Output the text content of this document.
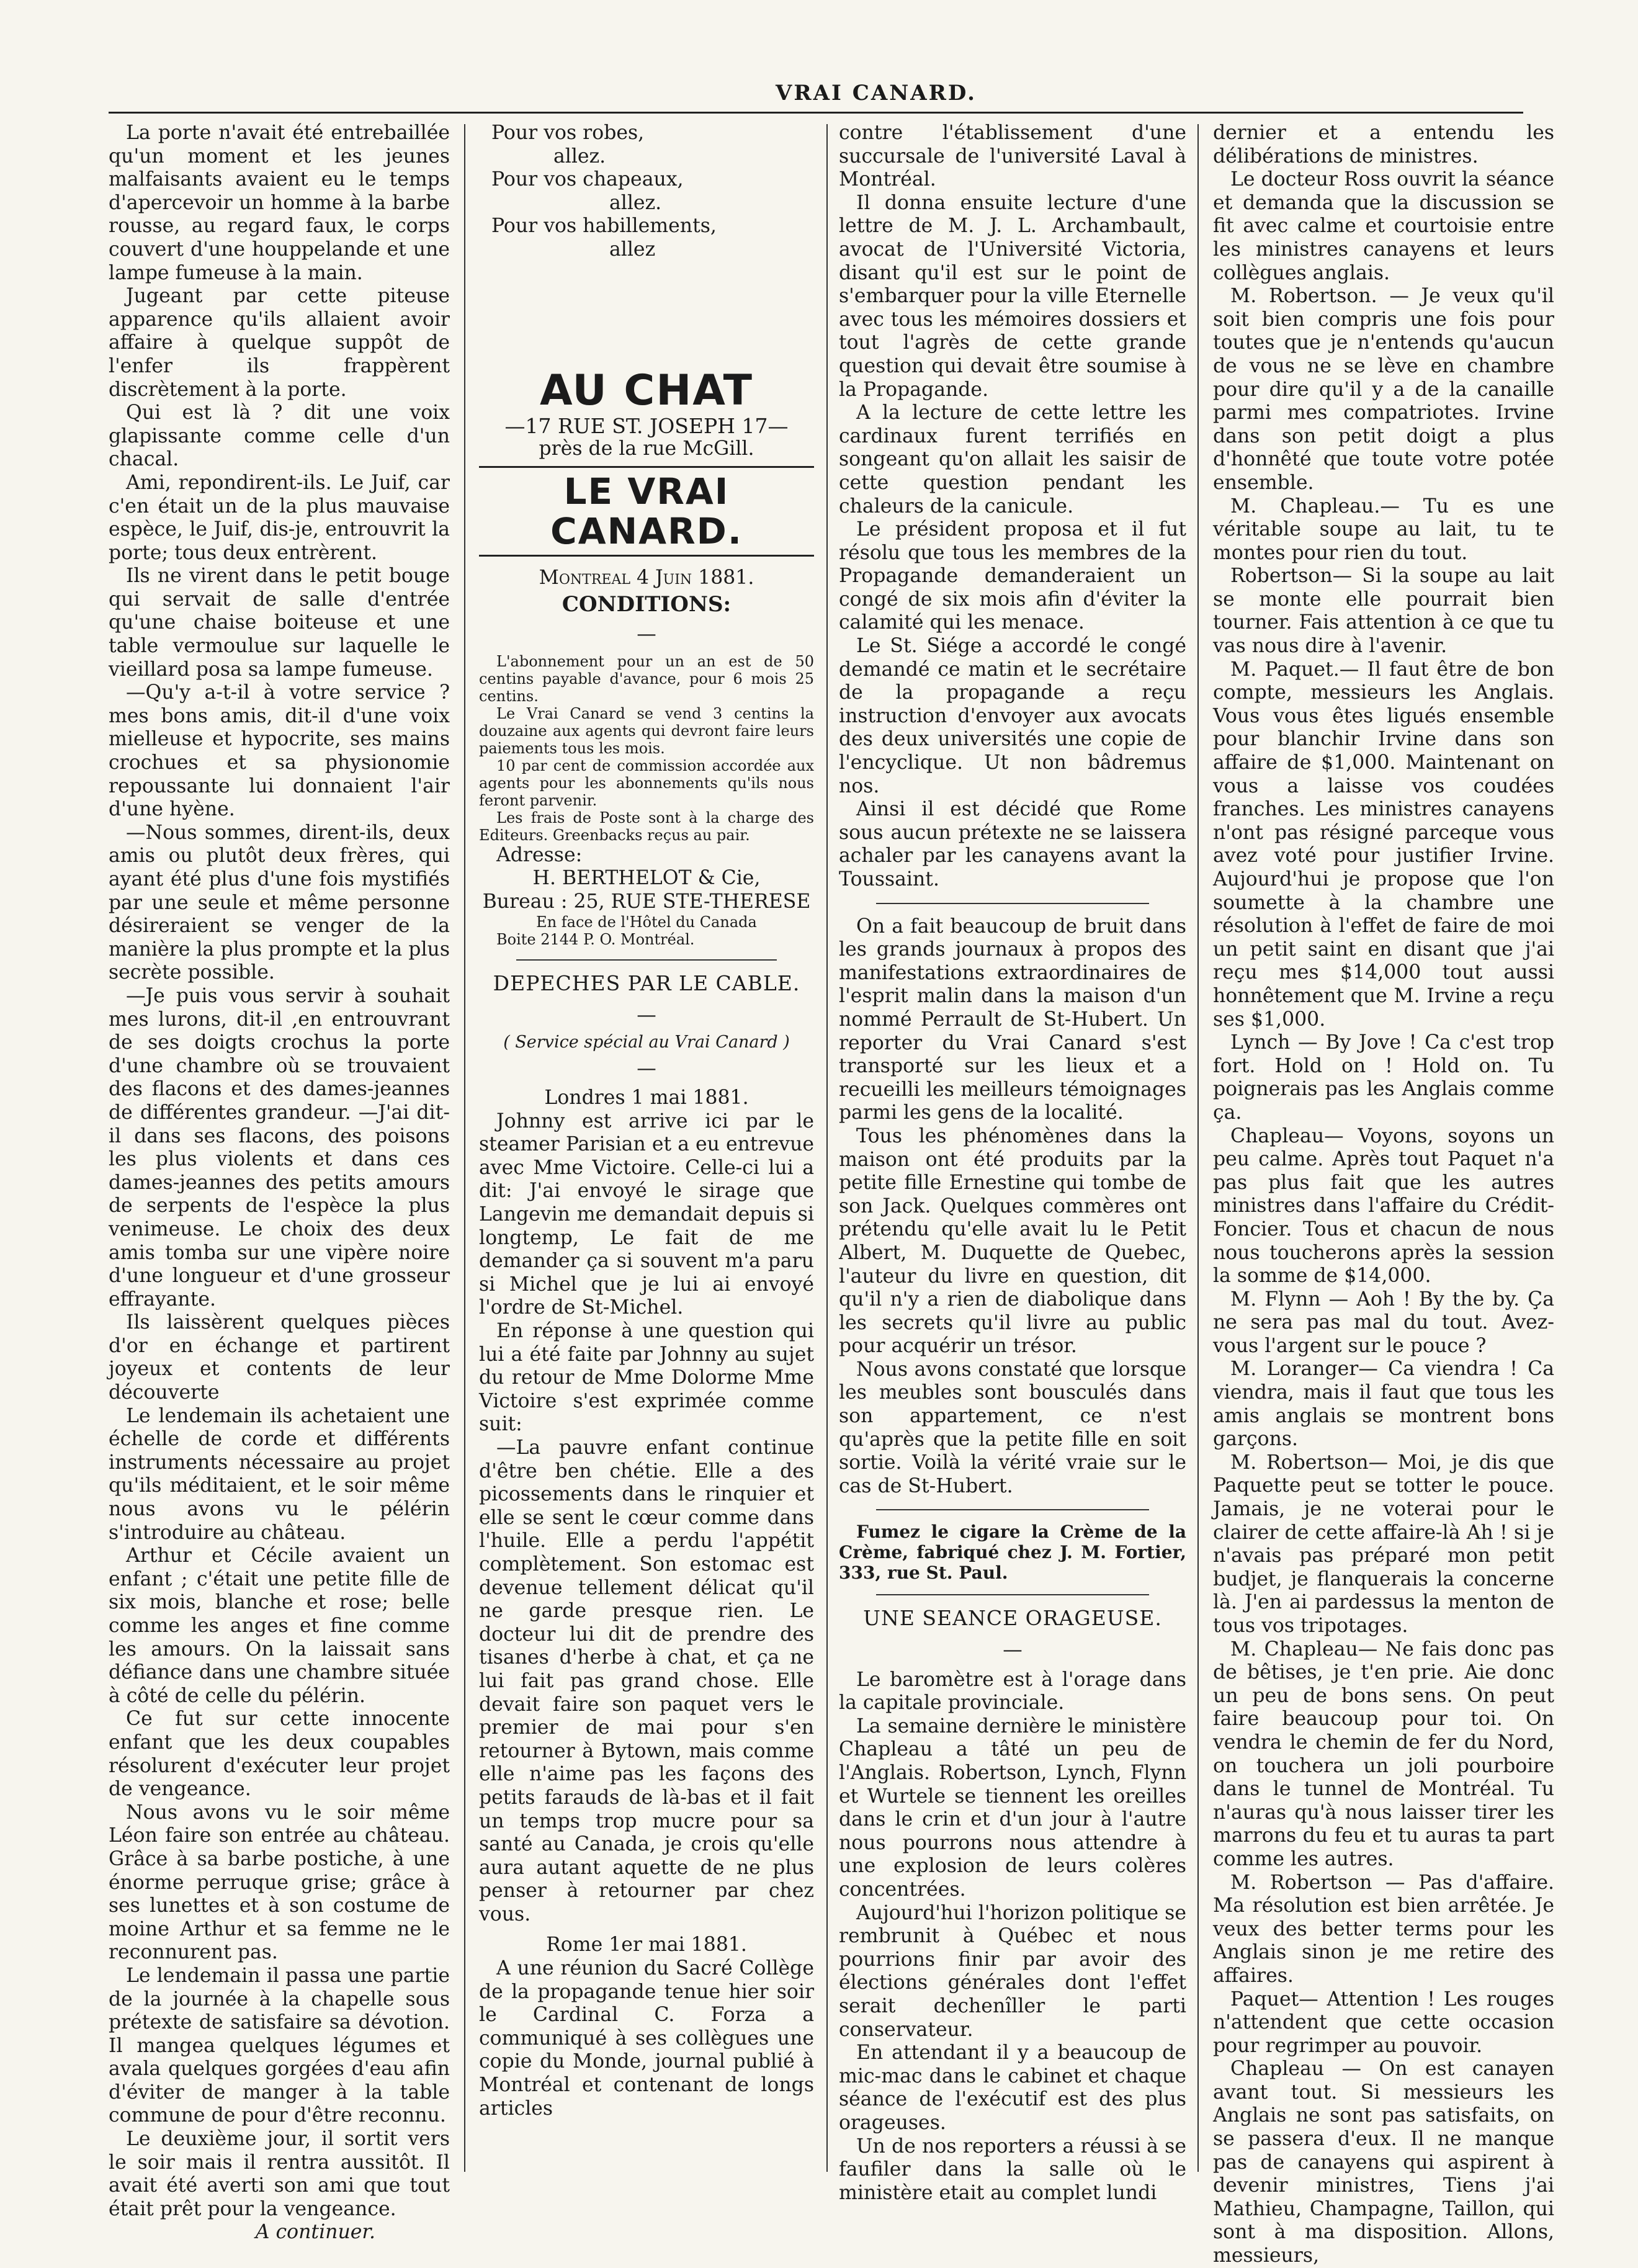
VRAI CANARD.

La porte n'avait été entrebaillée qu'un moment et les jeunes malfaisants avaient eu le temps d'apercevoir un homme à la barbe rousse, au regard faux, le corps couvert d'une houppelande et une lampe fumeuse à la main.

Jugeant par cette piteuse apparence qu'ils allaient avoir affaire à quelque suppôt de l'enfer ils frappèrent discrètement à la porte.

Qui est là ? dit une voix glapissante comme celle d'un chacal.

Ami, repondirent-ils. Le Juif, car c'en était un de la plus mauvaise espèce, le Juif, dis-je, entrouvrit la porte; tous deux entrèrent.

Ils ne virent dans le petit bouge qui servait de salle d'entrée qu'une chaise boiteuse et une table vermoulue sur laquelle le vieillard posa sa lampe fumeuse.

—Qu'y a-t-il à votre service ? mes bons amis, dit-il d'une voix mielleuse et hypocrite, ses mains crochues et sa physionomie repoussante lui donnaient l'air d'une hyène.

—Nous sommes, dirent-ils, deux amis ou plutôt deux frères, qui ayant été plus d'une fois mystifiés par une seule et même personne désireraient se venger de la manière la plus prompte et la plus secrète possible.

—Je puis vous servir à souhait mes lurons, dit-il ,en entrouvrant de ses doigts crochus la porte d'une chambre où se trouvaient des flacons et des dames-jeannes de différentes grandeur. —J'ai dit-il dans ses flacons, des poisons les plus violents et dans ces dames-jeannes des petits amours de serpents de l'espèce la plus venimeuse. Le choix des deux amis tomba sur une vipère noire d'une longueur et d'une grosseur effrayante.

Ils laissèrent quelques pièces d'or en échange et partirent joyeux et contents de leur découverte

Le lendemain ils achetaient une échelle de corde et différents instruments nécessaire au projet qu'ils méditaient, et le soir même nous avons vu le pélérin s'introduire au château.

Arthur et Cécile avaient un enfant ; c'était une petite fille de six mois, blanche et rose; belle comme les anges et fine comme les amours. On la laissait sans défiance dans une chambre située à côté de celle du pélérin.

Ce fut sur cette innocente enfant que les deux coupables résolurent d'exécuter leur projet de vengeance.

Nous avons vu le soir même Léon faire son entrée au château. Grâce à sa barbe postiche, à une énorme perruque grise; grâce à ses lunettes et à son costume de moine Arthur et sa femme ne le reconnurent pas.

Le lendemain il passa une partie de la journée à la chapelle sous prétexte de satisfaire sa dévotion. Il mangea quelques légumes et avala quelques gorgées d'eau afin d'éviter de manger à la table commune de pour d'être reconnu.

Le deuxième jour, il sortit vers le soir mais il rentra aussitôt. Il avait été averti son ami que tout était prêt pour la vengeance.

A continuer.

Pour vos robes,

allez.

Pour vos chapeaux,

allez.

Pour vos habillements,

allez

AU CHAT

—17 RUE ST. JOSEPH 17—

près de la rue McGill.

LE VRAI CANARD.

Montreal 4 Juin 1881.

CONDITIONS:

—

L'abonnement pour un an est de 50 centins payable d'avance, pour 6 mois 25 centins.

Le Vrai Canard se vend 3 centins la douzaine aux agents qui devront faire leurs paiements tous les mois.

10 par cent de commission accordée aux agents pour les abonnements qu'ils nous feront parvenir.

Les frais de Poste sont à la charge des Editeurs. Greenbacks reçus au pair.

Adresse:

H. BERTHELOT & Cie,

Bureau : 25, RUE STE-THERESE

En face de l'Hôtel du Canada

Boite 2144 P. O. Montréal.

DEPECHES PAR LE CABLE.

—

( Service spécial au Vrai Canard )

—

Londres 1 mai 1881.

Johnny est arrive ici par le steamer Parisian et a eu entrevue avec Mme Victoire. Celle-ci lui a dit: J'ai envoyé le sirage que Langevin me demandait depuis si longtemp, Le fait de me demander ça si souvent m'a paru si Michel que je lui ai envoyé l'ordre de St-Michel.

En réponse à une question qui lui a été faite par Johnny au sujet du retour de Mme Dolorme Mme Victoire s'est exprimée comme suit:

—La pauvre enfant continue d'être ben chétie. Elle a des picossements dans le rinquier et elle se sent le cœur comme dans l'huile. Elle a perdu l'appétit complètement. Son estomac est devenue tellement délicat qu'il ne garde presque rien. Le docteur lui dit de prendre des tisanes d'herbe à chat, et ça ne lui fait pas grand chose. Elle devait faire son paquet vers le premier de mai pour s'en retourner à Bytown, mais comme elle n'aime pas les façons des petits farauds de là-bas et il fait un temps trop mucre pour sa santé au Canada, je crois qu'elle aura autant aquette de ne plus penser à retourner par chez vous.

Rome 1er mai 1881.

A une réunion du Sacré Collège de la propagande tenue hier soir le Cardinal C. Forza a communiqué à ses collègues une copie du Monde, journal publié à Montréal et contenant de longs articles

contre l'établissement d'une succursale de l'université Laval à Montréal.

Il donna ensuite lecture d'une lettre de M. J. L. Archambault, avocat de l'Université Victoria, disant qu'il est sur le point de s'embarquer pour la ville Eternelle avec tous les mémoires dossiers et tout l'agrès de cette grande question qui devait être soumise à la Propagande.

A la lecture de cette lettre les cardinaux furent terrifiés en songeant qu'on allait les saisir de cette question pendant les chaleurs de la canicule.

Le président proposa et il fut résolu que tous les membres de la Propagande demanderaient un congé de six mois afin d'éviter la calamité qui les menace.

Le St. Siége a accordé le congé demandé ce matin et le secrétaire de la propagande a reçu instruction d'envoyer aux avocats des deux universités une copie de l'encyclique. Ut non bâdremus nos.

Ainsi il est décidé que Rome sous aucun prétexte ne se laissera achaler par les canayens avant la Toussaint.

On a fait beaucoup de bruit dans les grands journaux à propos des manifestations extraordinaires de l'esprit malin dans la maison d'un nommé Perrault de St-Hubert. Un reporter du Vrai Canard s'est transporté sur les lieux et a recueilli les meilleurs témoignages parmi les gens de la localité.

Tous les phénomènes dans la maison ont été produits par la petite fille Ernestine qui tombe de son Jack. Quelques commères ont prétendu qu'elle avait lu le Petit Albert, M. Duquette de Quebec, l'auteur du livre en question, dit qu'il n'y a rien de diabolique dans les secrets qu'il livre au public pour acquérir un trésor.

Nous avons constaté que lorsque les meubles sont bousculés dans son appartement, ce n'est qu'après que la petite fille en soit sortie. Voilà la vérité vraie sur le cas de St-Hubert.

Fumez le cigare la Crème de la Crème, fabriqué chez J. M. Fortier, 333, rue St. Paul.

UNE SEANCE ORAGEUSE.

—

Le baromètre est à l'orage dans la capitale provinciale.

La semaine dernière le ministère Chapleau a tâté un peu de l'Anglais. Robertson, Lynch, Flynn et Wurtele se tiennent les oreilles dans le crin et d'un jour à l'autre nous pourrons nous attendre à une explosion de leurs colères concentrées.

Aujourd'hui l'horizon politique se rembrunit à Québec et nous pourrions finir par avoir des élections générales dont l'effet serait dechenîller le parti conservateur.

En attendant il y a beaucoup de mic-mac dans le cabinet et chaque séance de l'exécutif est des plus orageuses.

Un de nos reporters a réussi à se faufiler dans la salle où le ministère etait au complet lundi

dernier et a entendu les délibérations de ministres.

Le docteur Ross ouvrit la séance et demanda que la discussion se fit avec calme et courtoisie entre les ministres canayens et leurs collègues anglais.

M. Robertson. — Je veux qu'il soit bien compris une fois pour toutes que je n'entends qu'aucun de vous ne se lève en chambre pour dire qu'il y a de la canaille parmi mes compatriotes. Irvine dans son petit doigt a plus d'honnêté que toute votre potée ensemble.

M. Chapleau.— Tu es une véritable soupe au lait, tu te montes pour rien du tout.

Robertson— Si la soupe au lait se monte elle pourrait bien tourner. Fais attention à ce que tu vas nous dire à l'avenir.

M. Paquet.— Il faut être de bon compte, messieurs les Anglais. Vous vous êtes ligués ensemble pour blanchir Irvine dans son affaire de $1,000. Maintenant on vous a laisse vos coudées franches. Les ministres canayens n'ont pas résigné parceque vous avez voté pour justifier Irvine. Aujourd'hui je propose que l'on soumette à la chambre une résolution à l'effet de faire de moi un petit saint en disant que j'ai reçu mes $14,000 tout aussi honnêtement que M. Irvine a reçu ses $1,000.

Lynch — By Jove ! Ca c'est trop fort. Hold on ! Hold on. Tu poignerais pas les Anglais comme ça.

Chapleau— Voyons, soyons un peu calme. Après tout Paquet n'a pas plus fait que les autres ministres dans l'affaire du Crédit-Foncier. Tous et chacun de nous nous toucherons après la session la somme de $14,000.

M. Flynn — Aoh ! By the by. Ça ne sera pas mal du tout. Avez-vous l'argent sur le pouce ?

M. Loranger— Ca viendra ! Ca viendra, mais il faut que tous les amis anglais se montrent bons garçons.

M. Robertson— Moi, je dis que Paquette peut se totter le pouce. Jamais, je ne voterai pour le clairer de cette affaire-là Ah ! si je n'avais pas préparé mon petit budjet, je flanquerais la concerne là. J'en ai pardessus la menton de tous vos tripotages.

M. Chapleau— Ne fais donc pas de bêtises, je t'en prie. Aie donc un peu de bons sens. On peut faire beaucoup pour toi. On vendra le chemin de fer du Nord, on touchera un joli pourboire dans le tunnel de Montréal. Tu n'auras qu'à nous laisser tirer les marrons du feu et tu auras ta part comme les autres.

M. Robertson — Pas d'affaire. Ma résolution est bien arrêtée. Je veux des better terms pour les Anglais sinon je me retire des affaires.

Paquet— Attention ! Les rouges n'attendent que cette occasion pour regrimper au pouvoir.

Chapleau — On est canayen avant tout. Si messieurs les Anglais ne sont pas satisfaits, on se passera d'eux. Il ne manque pas de canayens qui aspirent à devenir ministres, Tiens j'ai Mathieu, Champagne, Taillon, qui sont à ma disposition. Allons, messieurs,
